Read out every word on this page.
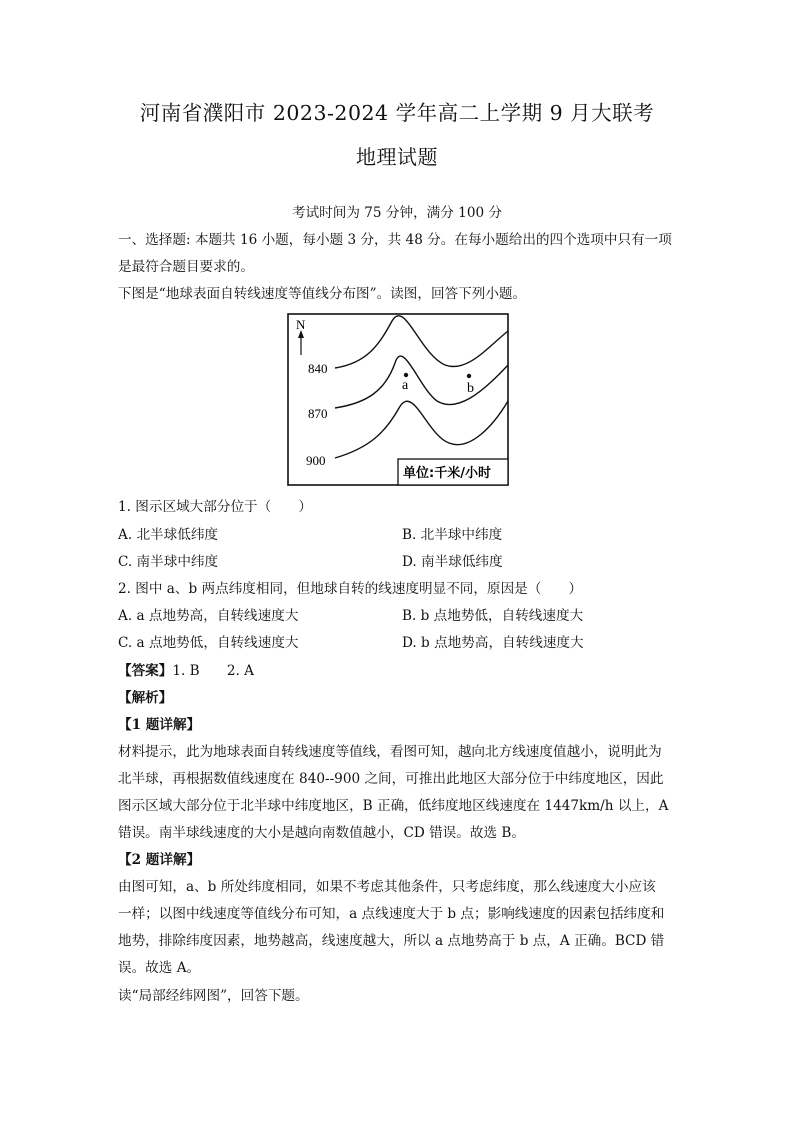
河南省濮阳市 2023-2024 学年高二上学期 9 月大联考
地理试题
考试时间为 75 分钟，满分 100 分
一、选择题: 本题共 16 小题，每小题 3 分，共 48 分。在每小题给出的四个选项中只有一项
是最符合题目要求的。
下图是“地球表面自转线速度等值线分布图”。读图，回答下列小题。
N
840
870
900
a	b
单位:千米/小时
1. 图示区域大部分位于（　　）
A. 北半球低纬度	B. 北半球中纬度
C. 南半球中纬度	D. 南半球低纬度
2. 图中 a、b 两点纬度相同，但地球自转的线速度明显不同，原因是（　　）
A. a 点地势高，自转线速度大	B. b 点地势低，自转线速度大
C. a 点地势低，自转线速度大	D. b 点地势高，自转线速度大
【答案】1. B　　2. A
【解析】
【1 题详解】
材料提示，此为地球表面自转线速度等值线，看图可知，越向北方线速度值越小，说明此为
北半球，再根据数值线速度在 840--900 之间，可推出此地区大部分位于中纬度地区，因此
图示区域大部分位于北半球中纬度地区，B 正确，低纬度地区线速度在 1447km/h 以上，A
错误。南半球线速度的大小是越向南数值越小，CD 错误。故选 B。
【2 题详解】
由图可知，a、b 所处纬度相同，如果不考虑其他条件，只考虑纬度，那么线速度大小应该
一样；以图中线速度等值线分布可知，a 点线速度大于 b 点；影响线速度的因素包括纬度和
地势，排除纬度因素，地势越高，线速度越大，所以 a 点地势高于 b 点，A 正确。BCD 错
误。故选 A。
读“局部经纬网图”，回答下题。
